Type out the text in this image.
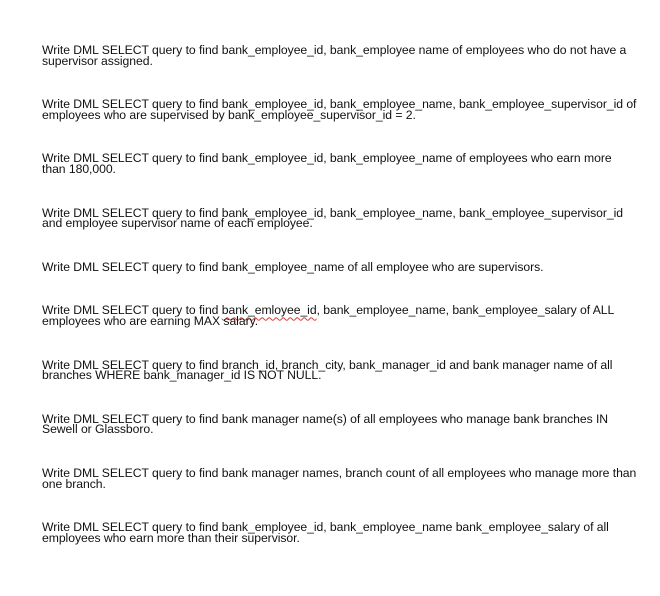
Write DML SELECT query to find bank_employee_id, bank_employee name of employees who do not have a supervisor assigned.

Write DML SELECT query to find bank_employee_id, bank_employee_name, bank_employee_supervisor_id of employees who are supervised by bank_employee_supervisor_id = 2.

Write DML SELECT query to find bank_employee_id, bank_employee_name of employees who earn more than 180,000.

Write DML SELECT query to find bank_employee_id, bank_employee_name, bank_employee_supervisor_id and employee supervisor name of each employee.

Write DML SELECT query to find bank_employee_name of all employee who are supervisors.

Write DML SELECT query to find bank_emloyee_id, bank_employee_name, bank_employee_salary of ALL employees who are earning MAX salary.

Write DML SELECT query to find branch_id, branch_city, bank_manager_id and bank manager name of all branches WHERE bank_manager_id IS NOT NULL.

Write DML SELECT query to find bank manager name(s) of all employees who manage bank branches IN Sewell or Glassboro.

Write DML SELECT query to find bank manager names, branch count of all employees who manage more than one branch.

Write DML SELECT query to find bank_employee_id, bank_employee_name bank_employee_salary of all employees who earn more than their supervisor.
